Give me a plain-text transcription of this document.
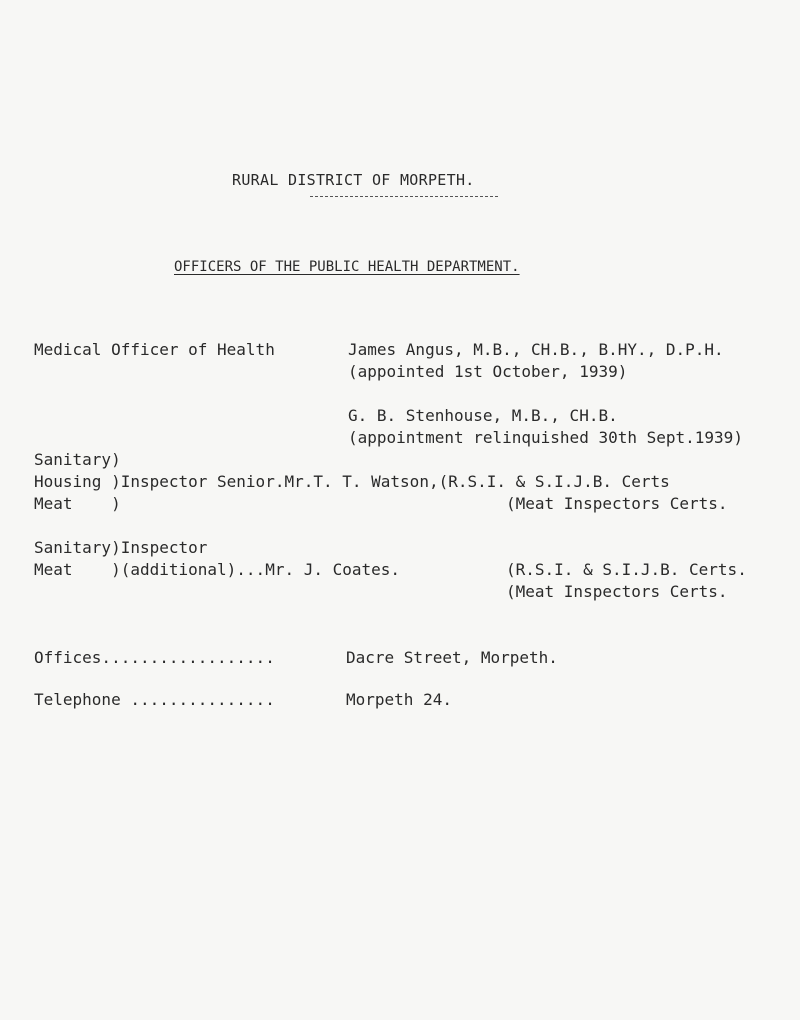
RURAL DISTRICT OF MORPETH.
OFFICERS OF THE PUBLIC HEALTH DEPARTMENT.
Medical Officer of Health	James Angus, M.B., CH.B., B.HY., D.P.H.
(appointed 1st October, 1939)
G. B. Stenhouse, M.B., CH.B.
(appointment relinquished 30th Sept.1939)
Sanitary)
Housing )Inspector Senior.Mr.T. T. Watson,(R.S.I. & S.I.J.B. Certs
Meat    )	(Meat Inspectors Certs.
Sanitary)Inspector
Meat    )(additional)...Mr. J. Coates.	(R.S.I. & S.I.J.B. Certs.
(Meat Inspectors Certs.
Offices..................	Dacre Street, Morpeth.
Telephone ...............	Morpeth 24.
